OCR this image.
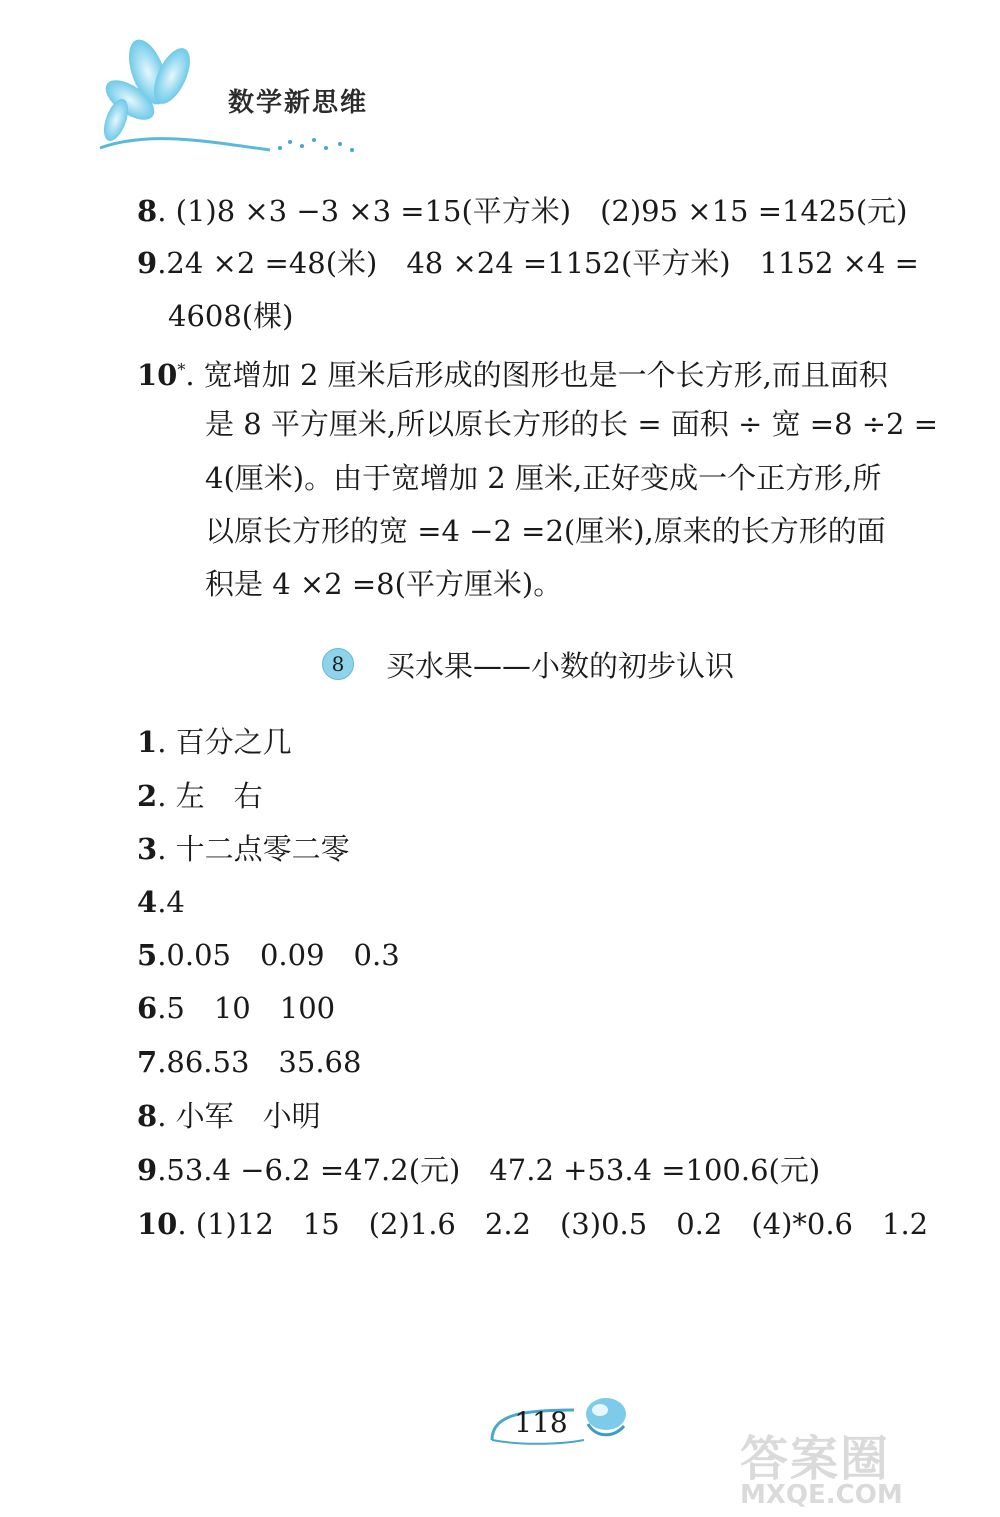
数学新思维
8. (1)8 ×3 −3 ×3 =15(平方米)　(2)95 ×15 =1425(元)
9.24 ×2 =48(米)　48 ×24 =1152(平方米)　1152 ×4 =
4608(棵)
10*. 宽增加 2 厘米后形成的图形也是一个长方形,而且面积
是 8 平方厘米,所以原长方形的长 = 面积 ÷ 宽 =8 ÷2 =
4(厘米)。由于宽增加 2 厘米,正好变成一个正方形,所
以原长方形的宽 =4 −2 =2(厘米),原来的长方形的面
积是 4 ×2 =8(平方厘米)。
8	买水果——小数的初步认识
1. 百分之几
2. 左　右
3. 十二点零二零
4.4
5.0.05　0.09　0.3
6.5　10　100
7.86.53　35.68
8. 小军　小明
9.53.4 −6.2 =47.2(元)　47.2 +53.4 =100.6(元)
10. (1)12　15　(2)1.6　2.2　(3)0.5　0.2　(4)*0.6　1.2
118
答案圈
MXQE.COM
